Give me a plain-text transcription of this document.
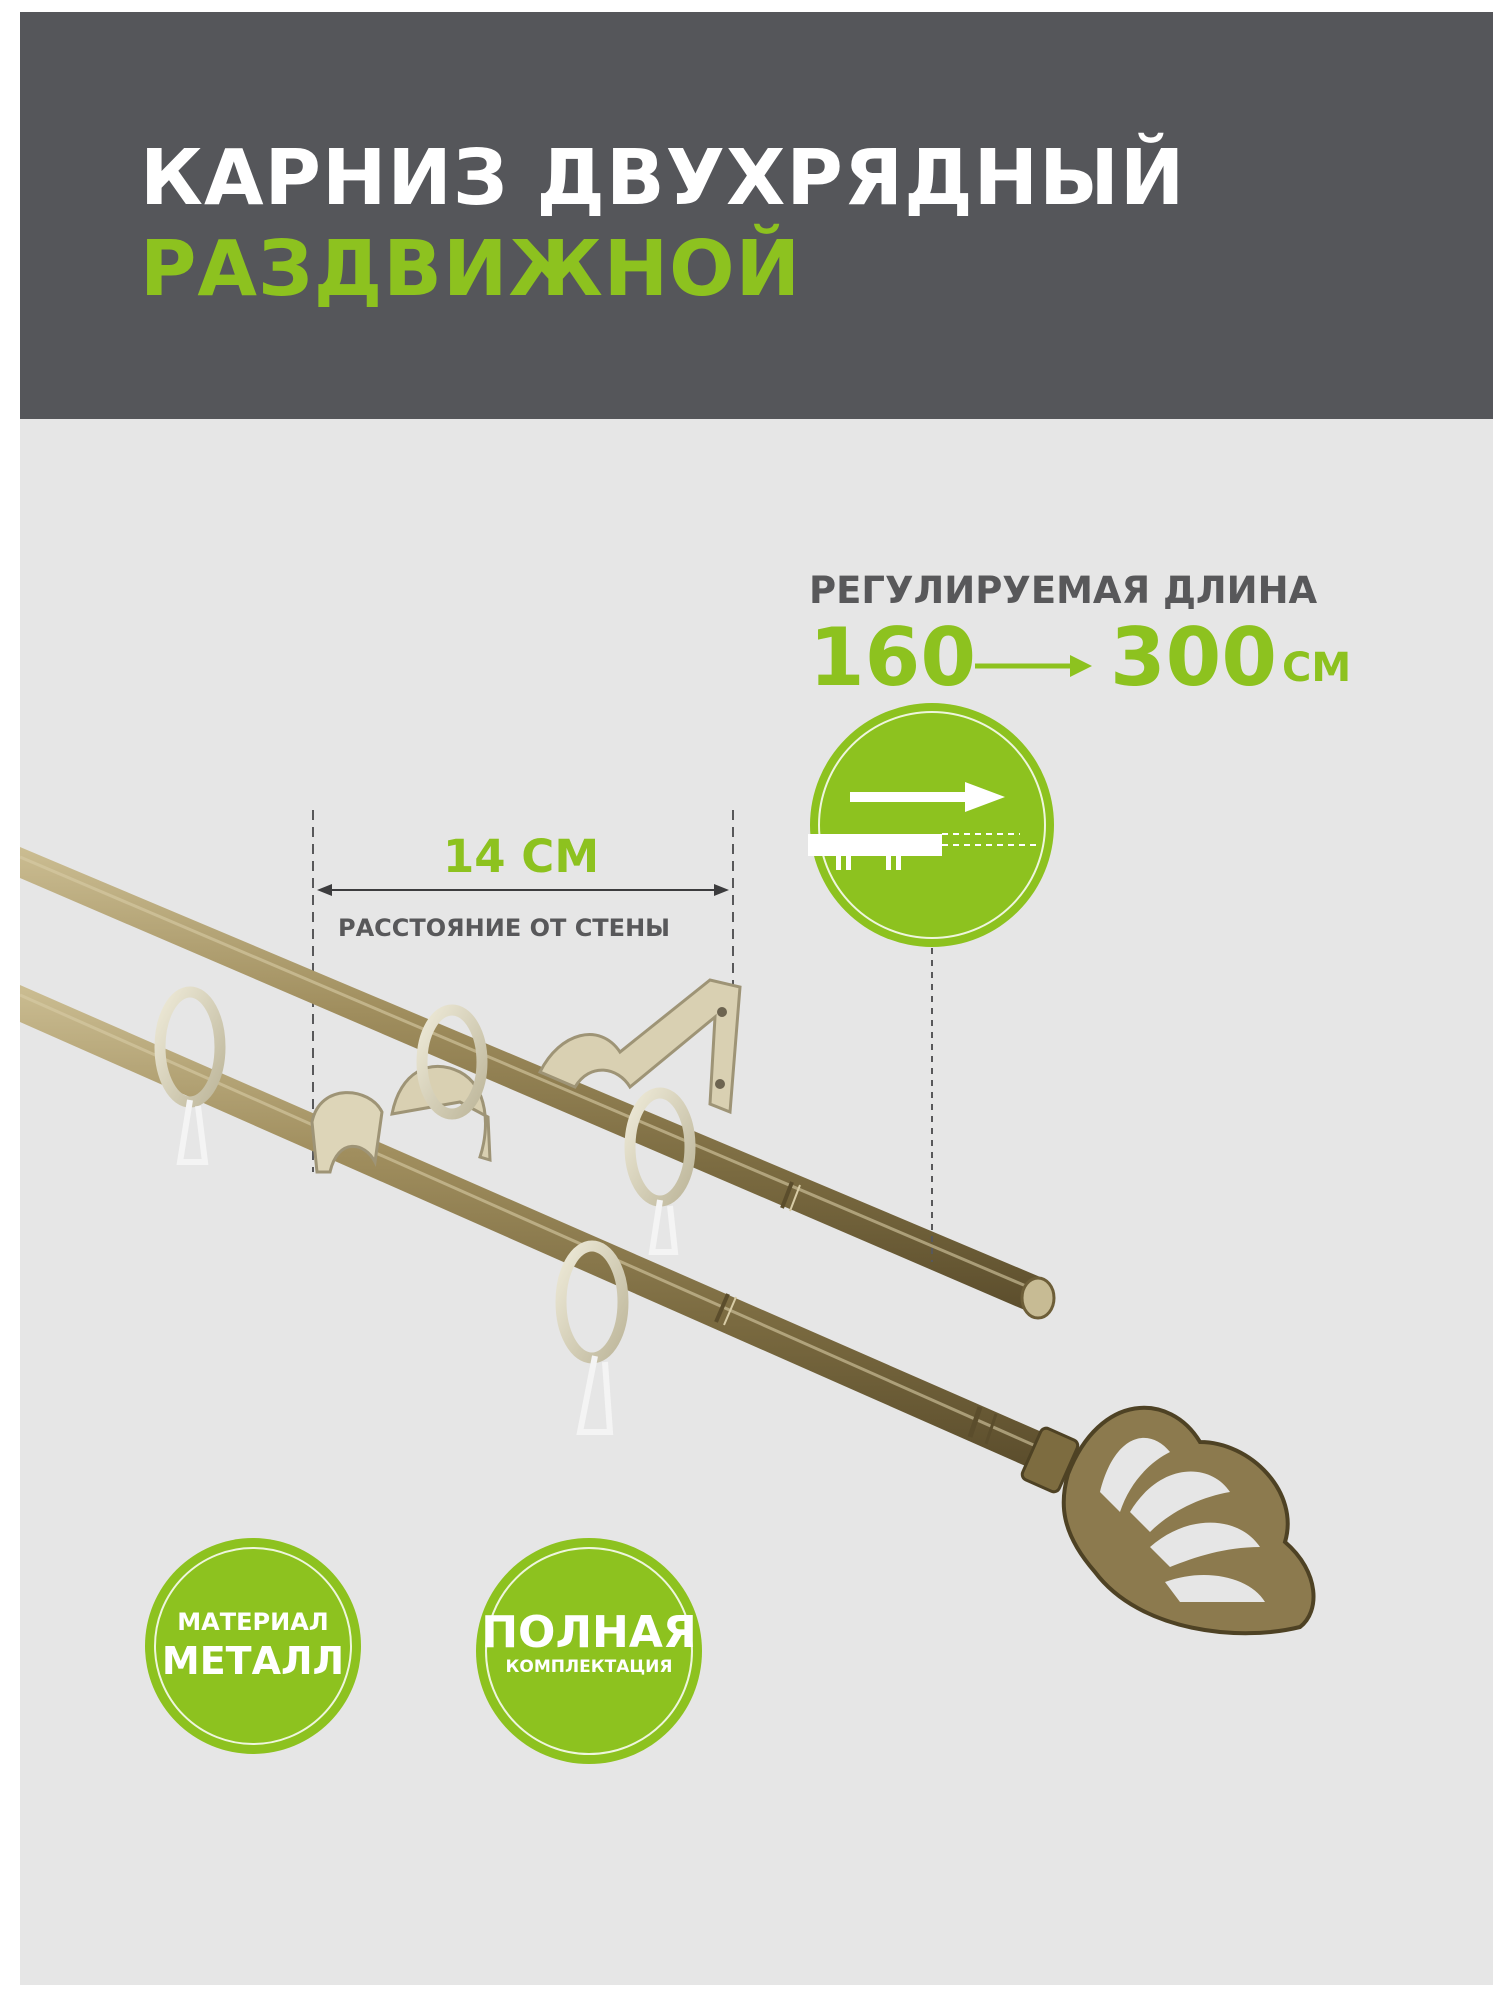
КАРНИЗ ДВУХРЯДНЫЙ
РАЗДВИЖНОЙ
РЕГУЛИРУЕМАЯ ДЛИНА
160 300 СМ
14 СМ
РАССТОЯНИЕ ОТ СТЕНЫ
МАТЕРИАЛ
МЕТАЛЛ
ПОЛНАЯ
КОМПЛЕКТАЦИЯ
